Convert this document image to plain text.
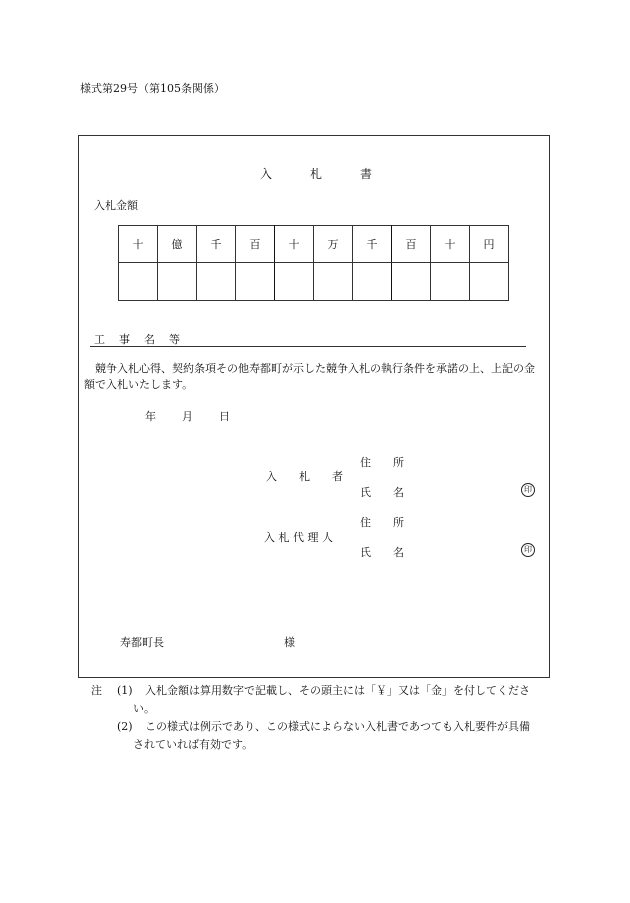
様式第29号（第105条関係）
入	札	書
入札金額
十	億	千	百	十	万	千	百	十	円

工 事 名 等
競争入札心得、契約条項その他寿都町が示した競争入札の執行条件を承諾の上、上記の金額で入札いたします。
年 月 日
入　　札　　者
住　　所
氏　　名	印
入 札 代 理 人
住　　所
氏　　名	印
寿都町長	様
注 (1) 入札金額は算用数字で記載し、その頭主には「￥」又は「金」を付してくださ
い。
(2) この様式は例示であり、この様式によらない入札書であつても入札要件が具備
されていれば有効です。
